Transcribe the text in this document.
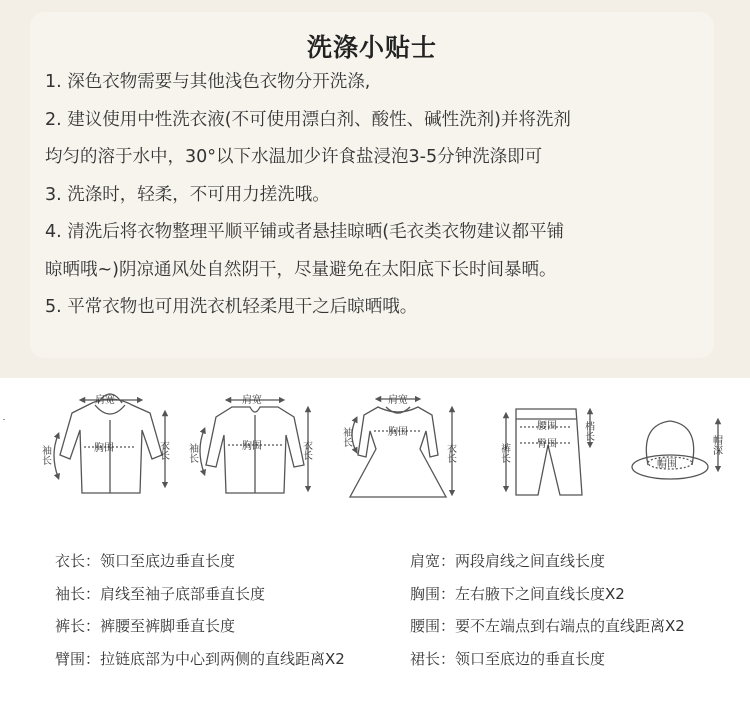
洗涤小贴士

1. 深色衣物需要与其他浅色衣物分开洗涤,

2. 建议使用中性洗衣液(不可使用漂白剂、酸性、碱性洗剂)并将洗剂

均匀的溶于水中，30°以下水温加少许食盐浸泡3-5分钟洗涤即可

3. 洗涤时，轻柔，不可用力搓洗哦。

4. 清洗后将衣物整理平顺平铺或者悬挂晾晒(毛衣类衣物建议都平铺

晾晒哦~)阴凉通风处自然阴干，尽量避免在太阳底下长时间暴晒。

5. 平常衣物也可用洗衣机轻柔甩干之后晾晒哦。

肩宽
胸围	衣长
袖长
肩宽
胸围	衣长
袖长
肩宽
胸围
衣长
袖长
腰围
臀围
裤长
档长
帽围
帽深
衣长：领口至底边垂直长度
袖长：肩线至袖子底部垂直长度
裤长：裤腰至裤脚垂直长度
臂围：拉链底部为中心到两侧的直线距离X2
肩宽：两段肩线之间直线长度
胸围：左右腋下之间直线长度X2
腰围：要不左端点到右端点的直线距离X2
裙长：领口至底边的垂直长度
